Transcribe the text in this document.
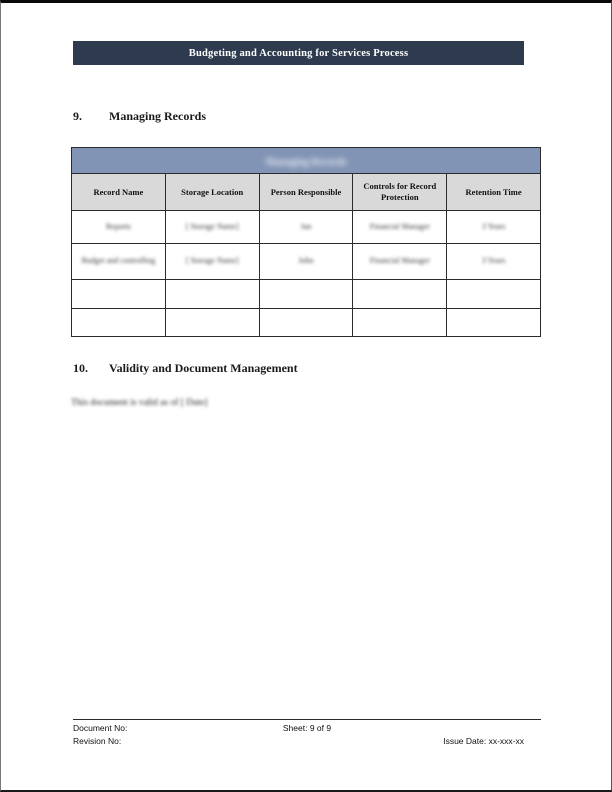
Budgeting and Accounting for Services Process
9.	Managing Records
Managing Records				
Record Name	Storage Location	Person Responsible	Controls for Record Protection	Retention Time
Reports	[ Storage Name]	Jan	Financial Manager	3 Years
Budget and controlling	[ Storage Name]	John	Financial Manager	3 Years

10.	Validity and Document Management
This document is valid as of [ Date]
Document No:	Sheet: 9 of 9
Revision No:	Issue Date: xx-xxx-xx
